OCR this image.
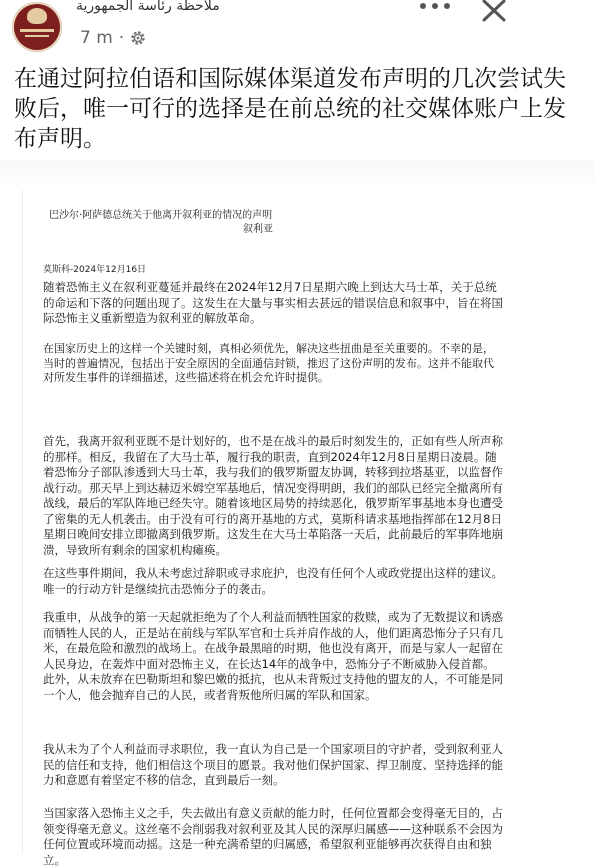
ملاحظة رئاسة الجمهورية
7 m ·

在通过阿拉伯语和国际媒体渠道发布声明的几次尝试失败后，唯一可行的选择是在前总统的社交媒体账户上发布声明。

巴沙尔·阿萨德总统关于他离开叙利亚的情况的声明
叙利亚
莫斯科-2024年12月16日

随着恐怖主义在叙利亚蔓延并最终在2024年12月7日星期六晚上到达大马士革，关于总统的命运和下落的问题出现了。这发生在大量与事实相去甚远的错误信息和叙事中，旨在将国际恐怖主义重新塑造为叙利亚的解放革命。

在国家历史上的这样一个关键时刻，真相必须优先，解决这些扭曲是至关重要的。不幸的是，当时的普遍情况，包括出于安全原因的全面通信封锁，推迟了这份声明的发布。这并不能取代对所发生事件的详细描述，这些描述将在机会允许时提供。

首先，我离开叙利亚既不是计划好的，也不是在战斗的最后时刻发生的，正如有些人所声称的那样。相反，我留在了大马士革，履行我的职责，直到2024年12月8日星期日凌晨。随着恐怖分子部队渗透到大马士革，我与我们的俄罗斯盟友协调，转移到拉塔基亚，以监督作战行动。那天早上到达赫迈米姆空军基地后，情况变得明朗，我们的部队已经完全撤离所有战线，最后的军队阵地已经失守。随着该地区局势的持续恶化，俄罗斯军事基地本身也遭受了密集的无人机袭击。由于没有可行的离开基地的方式，莫斯科请求基地指挥部在12月8日星期日晚间安排立即撤离到俄罗斯。这发生在大马士革陷落一天后，此前最后的军事阵地崩溃，导致所有剩余的国家机构瘫痪。

在这些事件期间，我从未考虑过辞职或寻求庇护，也没有任何个人或政党提出这样的建议。唯一的行动方针是继续抗击恐怖分子的袭击。

我重申，从战争的第一天起就拒绝为了个人利益而牺牲国家的救赎，或为了无数提议和诱惑而牺牲人民的人，正是站在前线与军队军官和士兵并肩作战的人，他们距离恐怖分子只有几米，在最危险和激烈的战场上。在战争最黑暗的时期，他也没有离开，而是与家人一起留在人民身边，在轰炸中面对恐怖主义，在长达14年的战争中，恐怖分子不断威胁入侵首都。 此外，从未放弃在巴勒斯坦和黎巴嫩的抵抗，也从未背叛过支持他的盟友的人，不可能是同一个人，他会抛弃自己的人民，或者背叛他所归属的军队和国家。

我从未为了个人利益而寻求职位，我一直认为自己是一个国家项目的守护者，受到叙利亚人民的信任和支持，他们相信这个项目的愿景。我对他们保护国家、捍卫制度、坚持选择的能力和意愿有着坚定不移的信念，直到最后一刻。

当国家落入恐怖主义之手，失去做出有意义贡献的能力时，任何位置都会变得毫无目的，占领变得毫无意义。这丝毫不会削弱我对叙利亚及其人民的深厚归属感——这种联系不会因为任何位置或环境而动摇。这是一种充满希望的归属感，希望叙利亚能够再次获得自由和独立。
